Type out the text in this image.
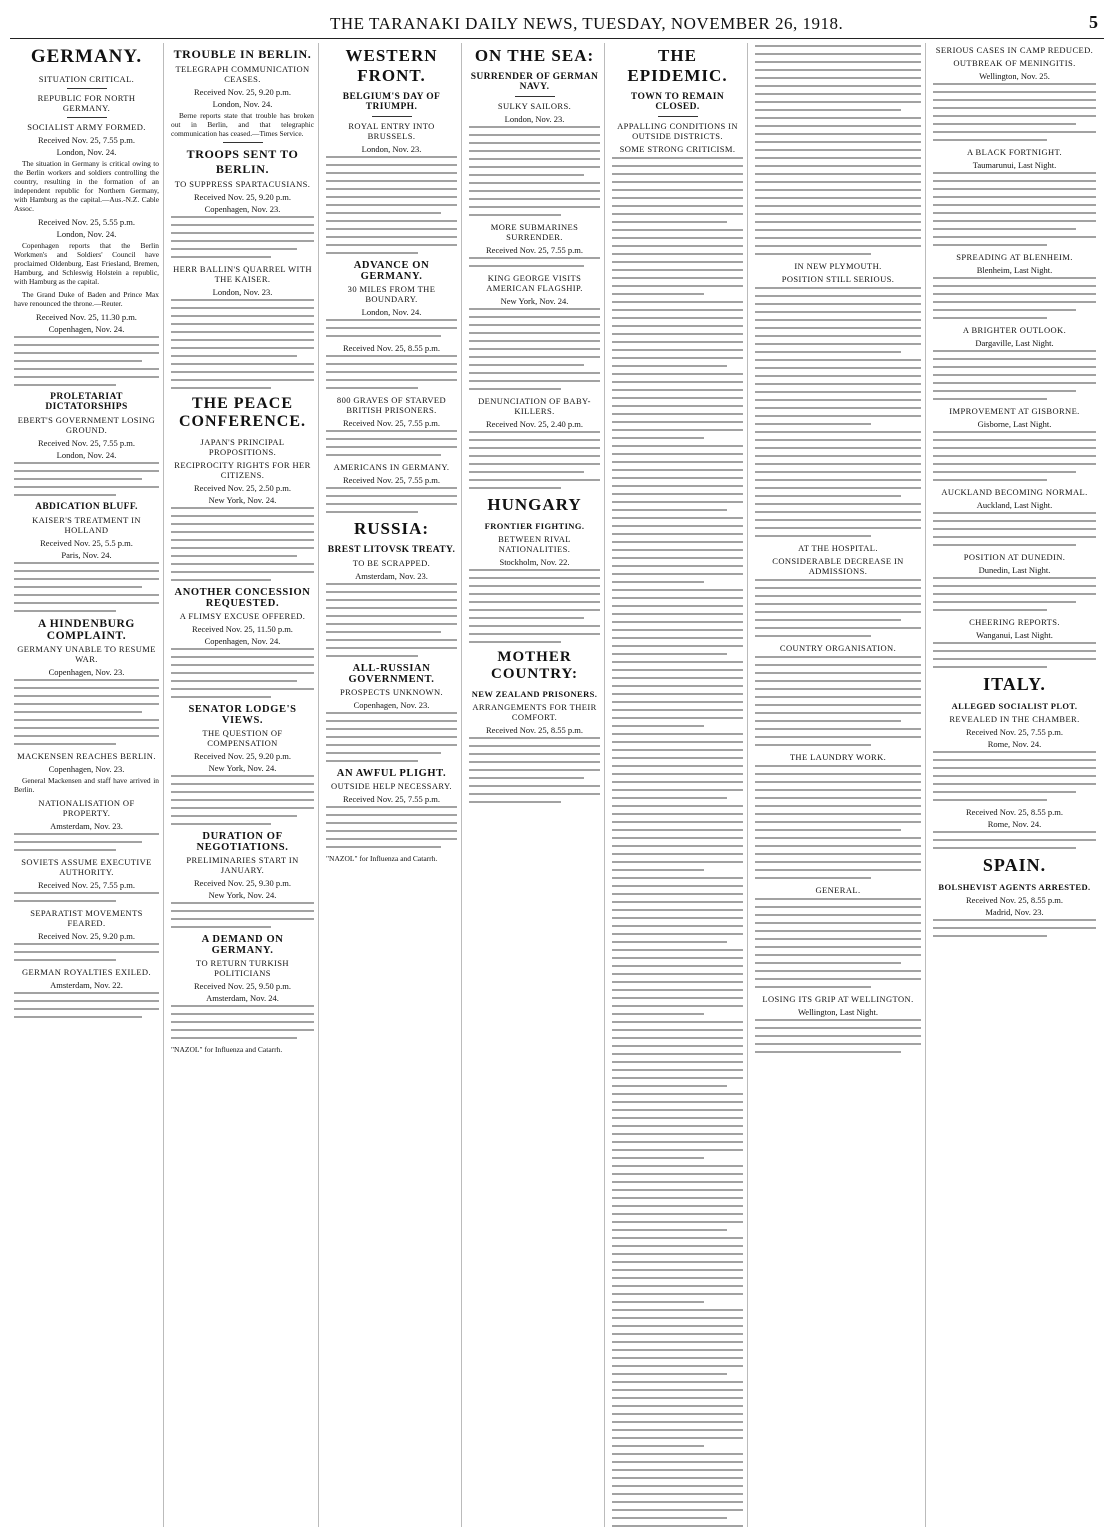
THE TARANAKI DAILY NEWS, TUESDAY, NOVEMBER 26, 1918.	5
GERMANY.
SITUATION CRITICAL.
REPUBLIC FOR NORTH GERMANY.
SOCIALIST ARMY FORMED.
Received Nov. 25, 7.55 p.m.
London, Nov. 24.

The situation in Germany is critical owing to the Berlin workers and soldiers controlling the country, resulting in the formation of an independent republic for Northern Germany, with Hamburg as the capital.—Aus.-N.Z. Cable Assoc.

Received Nov. 25, 5.55 p.m.
London, Nov. 24.

Copenhagen reports that the Berlin Workmen's and Soldiers' Council have proclaimed Oldenburg, East Friesland, Bremen, Hamburg, and Schleswig Holstein a republic, with Hamburg as the capital.

The Grand Duke of Baden and Prince Max have renounced the throne.—Reuter.

Received Nov. 25, 11.30 p.m.
Copenhagen, Nov. 24.
PROLETARIAT DICTATORSHIPS
EBERT'S GOVERNMENT LOSING GROUND.
Received Nov. 25, 7.55 p.m.
London, Nov. 24.
ABDICATION BLUFF.
KAISER'S TREATMENT IN HOLLAND
Received Nov. 25, 5.5 p.m.
Paris, Nov. 24.
A HINDENBURG COMPLAINT.
GERMANY UNABLE TO RESUME WAR.
Copenhagen, Nov. 23.
MACKENSEN REACHES BERLIN.
Copenhagen, Nov. 23.

General Mackensen and staff have arrived in Berlin.

NATIONALISATION OF PROPERTY.
Amsterdam, Nov. 23.
SOVIETS ASSUME EXECUTIVE AUTHORITY.
Received Nov. 25, 7.55 p.m.
SEPARATIST MOVEMENTS FEARED.
Received Nov. 25, 9.20 p.m.
GERMAN ROYALTIES EXILED.
Amsterdam, Nov. 22.
TROUBLE IN BERLIN.
TELEGRAPH COMMUNICATION CEASES.
Received Nov. 25, 9.20 p.m.
London, Nov. 24.

Berne reports state that trouble has broken out in Berlin, and that telegraphic communication has ceased.—Times Service.

TROOPS SENT TO BERLIN.
TO SUPPRESS SPARTACUSIANS.
Received Nov. 25, 9.20 p.m.
Copenhagen, Nov. 23.
HERR BALLIN'S QUARREL WITH THE KAISER.
London, Nov. 23.
THE PEACE CONFERENCE.
JAPAN'S PRINCIPAL PROPOSITIONS.
RECIPROCITY RIGHTS FOR HER CITIZENS.
Received Nov. 25, 2.50 p.m.
New York, Nov. 24.
ANOTHER CONCESSION REQUESTED.
A FLIMSY EXCUSE OFFERED.
Received Nov. 25, 11.50 p.m.
Copenhagen, Nov. 24.
SENATOR LODGE'S VIEWS.
THE QUESTION OF COMPENSATION
Received Nov. 25, 9.20 p.m.
New York, Nov. 24.
DURATION OF NEGOTIATIONS.
PRELIMINARIES START IN JANUARY.
Received Nov. 25, 9.30 p.m.
New York, Nov. 24.
A DEMAND ON GERMANY.
TO RETURN TURKISH POLITICIANS
Received Nov. 25, 9.50 p.m.
Amsterdam, Nov. 24.
"NAZOL" for Influenza and Catarrh.
WESTERN FRONT.
BELGIUM'S DAY OF TRIUMPH.
ROYAL ENTRY INTO BRUSSELS.
London, Nov. 23.
ADVANCE ON GERMANY.
30 MILES FROM THE BOUNDARY.
London, Nov. 24.
Received Nov. 25, 8.55 p.m.
800 GRAVES OF STARVED BRITISH PRISONERS.
Received Nov. 25, 7.55 p.m.
AMERICANS IN GERMANY.
Received Nov. 25, 7.55 p.m.
RUSSIA:
BREST LITOVSK TREATY.
TO BE SCRAPPED.
Amsterdam, Nov. 23.
ALL-RUSSIAN GOVERNMENT.
PROSPECTS UNKNOWN.
Copenhagen, Nov. 23.
AN AWFUL PLIGHT.
OUTSIDE HELP NECESSARY.
Received Nov. 25, 7.55 p.m.
"NAZOL" for Influenza and Catarrh.
ON THE SEA:
SURRENDER OF GERMAN NAVY.
SULKY SAILORS.
London, Nov. 23.
MORE SUBMARINES SURRENDER.
Received Nov. 25, 7.55 p.m.
KING GEORGE VISITS AMERICAN FLAGSHIP.
New York, Nov. 24.
DENUNCIATION OF BABY-KILLERS.
Received Nov. 25, 2.40 p.m.
HUNGARY
FRONTIER FIGHTING.
BETWEEN RIVAL NATIONALITIES.
Stockholm, Nov. 22.
MOTHER COUNTRY:
NEW ZEALAND PRISONERS.
ARRANGEMENTS FOR THEIR COMFORT.
Received Nov. 25, 8.55 p.m.
THE EPIDEMIC.
TOWN TO REMAIN CLOSED.
APPALLING CONDITIONS IN OUTSIDE DISTRICTS.
SOME STRONG CRITICISM.
IN NEW PLYMOUTH.
POSITION STILL SERIOUS.
AT THE HOSPITAL.
CONSIDERABLE DECREASE IN ADMISSIONS.
COUNTRY ORGANISATION.
THE LAUNDRY WORK.
GENERAL.
LOSING ITS GRIP AT WELLINGTON.
Wellington, Last Night.
SERIOUS CASES IN CAMP REDUCED.
OUTBREAK OF MENINGITIS.
Wellington, Nov. 25.
A BLACK FORTNIGHT.
Taumarunui, Last Night.
SPREADING AT BLENHEIM.
Blenheim, Last Night.
A BRIGHTER OUTLOOK.
Dargaville, Last Night.
IMPROVEMENT AT GISBORNE.
Gisborne, Last Night.
AUCKLAND BECOMING NORMAL.
Auckland, Last Night.
POSITION AT DUNEDIN.
Dunedin, Last Night.
CHEERING REPORTS.
Wanganui, Last Night.
ITALY.
ALLEGED SOCIALIST PLOT.
REVEALED IN THE CHAMBER.
Received Nov. 25, 7.55 p.m.
Rome, Nov. 24.
Received Nov. 25, 8.55 p.m.
Rome, Nov. 24.
SPAIN.
BOLSHEVIST AGENTS ARRESTED.
Received Nov. 25, 8.55 p.m.
Madrid, Nov. 23.
